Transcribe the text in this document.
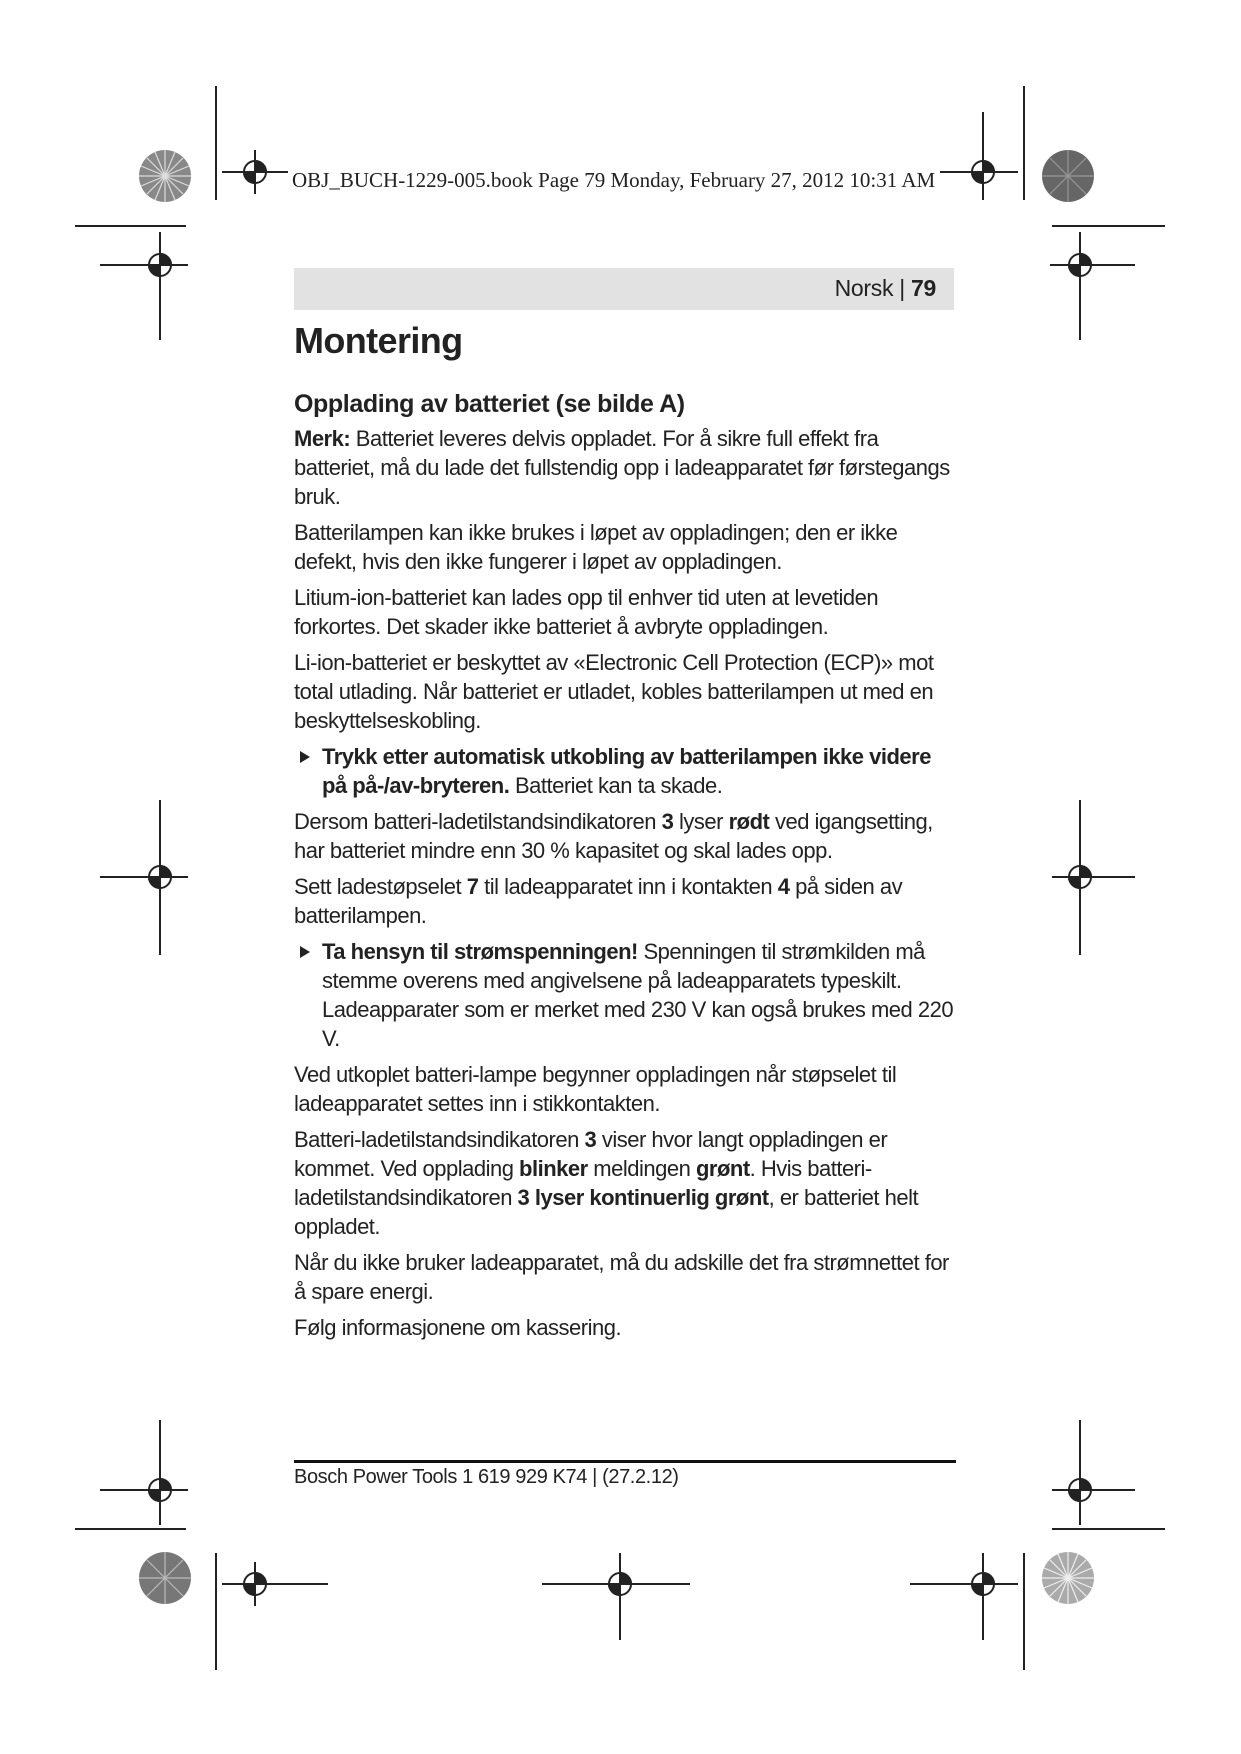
OBJ_BUCH-1229-005.book Page 79 Monday, February 27, 2012 10:31 AM
Norsk | 79
Montering
Opplading av batteriet (se bilde A)

Merk: Batteriet leveres delvis oppladet. For å sikre full effekt fra batteriet, må du lade det fullstendig opp i ladeapparatet før førstegangs bruk.

Batterilampen kan ikke brukes i løpet av oppladingen; den er ikke defekt, hvis den ikke fungerer i løpet av oppladingen.

Litium-ion-batteriet kan lades opp til enhver tid uten at levetiden forkortes. Det skader ikke batteriet å avbryte oppladingen.

Li-ion-batteriet er beskyttet av «Electronic Cell Protection (ECP)» mot total utlading. Når batteriet er utladet, kobles batterilampen ut med en beskyttelseskobling.

Trykk etter automatisk utkobling av batterilampen ikke videre på på-/av-bryteren. Batteriet kan ta skade.

Dersom batteri-ladetilstandsindikatoren 3 lyser rødt ved igangsetting, har batteriet mindre enn 30 % kapasitet og skal lades opp.

Sett ladestøpselet 7 til ladeapparatet inn i kontakten 4 på siden av batterilampen.

Ta hensyn til strømspenningen! Spenningen til strømkilden må stemme overens med angivelsene på ladeapparatets typeskilt. Ladeapparater som er merket med 230 V kan også brukes med 220 V.

Ved utkoplet batteri-lampe begynner oppladingen når støpselet til ladeapparatet settes inn i stikkontakten.

Batteri-ladetilstandsindikatoren 3 viser hvor langt oppladingen er kommet. Ved opplading blinker meldingen grønt. Hvis batteri-ladetilstandsindikatoren 3 lyser kontinuerlig grønt, er batteriet helt oppladet.

Når du ikke bruker ladeapparatet, må du adskille det fra strømnettet for å spare energi.

Følg informasjonene om kassering.

Bosch Power Tools 1 619 929 K74 | (27.2.12)
